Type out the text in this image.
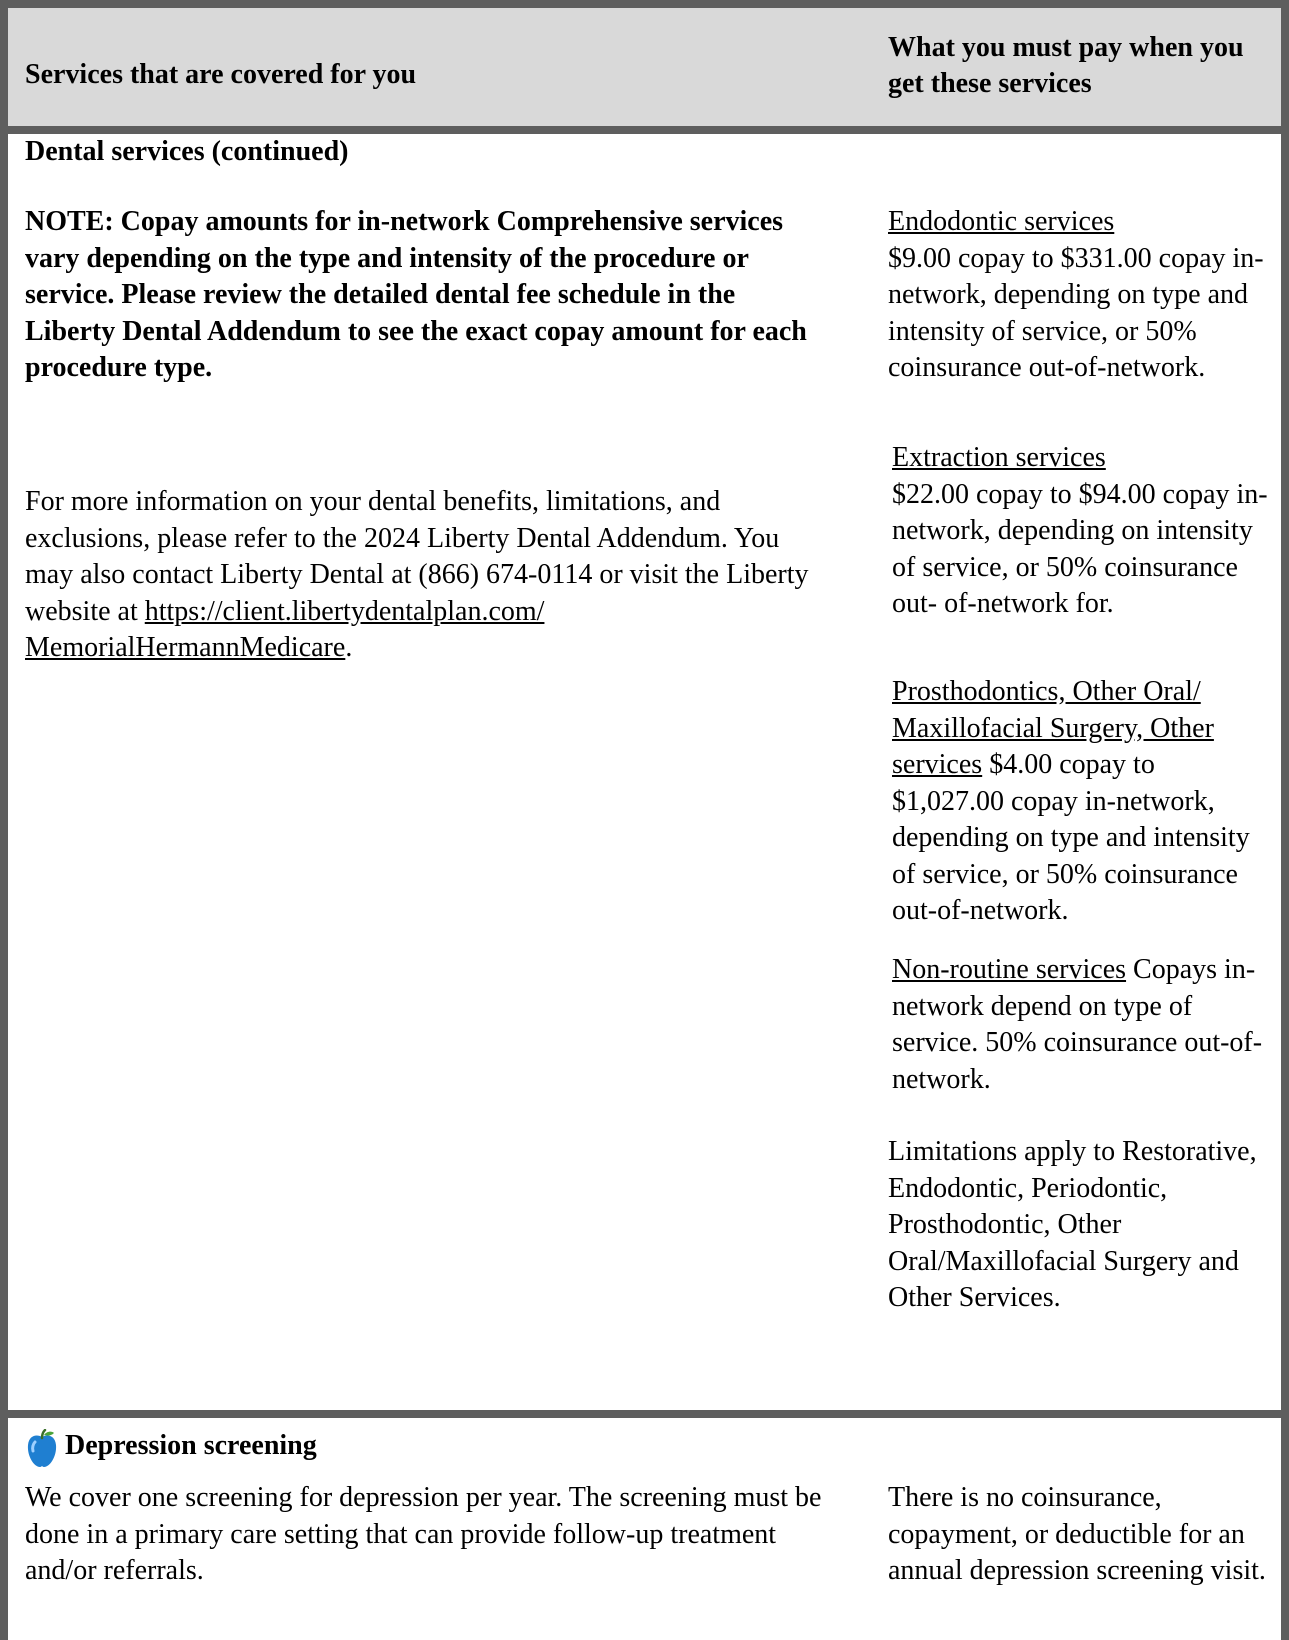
Services that are covered for you
What you must pay when you get these services
Dental services (continued)
NOTE: Copay amounts for in-network Comprehensive services vary depending on the type and intensity of the procedure or service. Please review the detailed dental fee schedule in the Liberty Dental Addendum to see the exact copay amount for each procedure type.
For more information on your dental benefits, limitations, and exclusions, please refer to the 2024 Liberty Dental Addendum. You may also contact Liberty Dental at (866) 674-0114 or visit the Liberty website at https://client.libertydentalplan.com/ MemorialHermannMedicare.
Endodontic services
$9.00 copay to $331.00 copay in-network, depending on type and intensity of service, or 50% coinsurance out-of-network.
Extraction services
$22.00 copay to $94.00 copay in-network, depending on intensity of service, or 50% coinsurance out- of-network for.
Prosthodontics, Other Oral/ Maxillofacial Surgery, Other services $4.00 copay to $1,027.00 copay in-network, depending on type and intensity of service, or 50% coinsurance out-of-network.
Non-routine services Copays in-network depend on type of service. 50% coinsurance out-of-network.
Limitations apply to Restorative, Endodontic, Periodontic, Prosthodontic, Other Oral/Maxillofacial Surgery and Other Services.
Depression screening
We cover one screening for depression per year. The screening must be done in a primary care setting that can provide follow-up treatment and/or referrals.
There is no coinsurance, copayment, or deductible for an annual depression screening visit.
